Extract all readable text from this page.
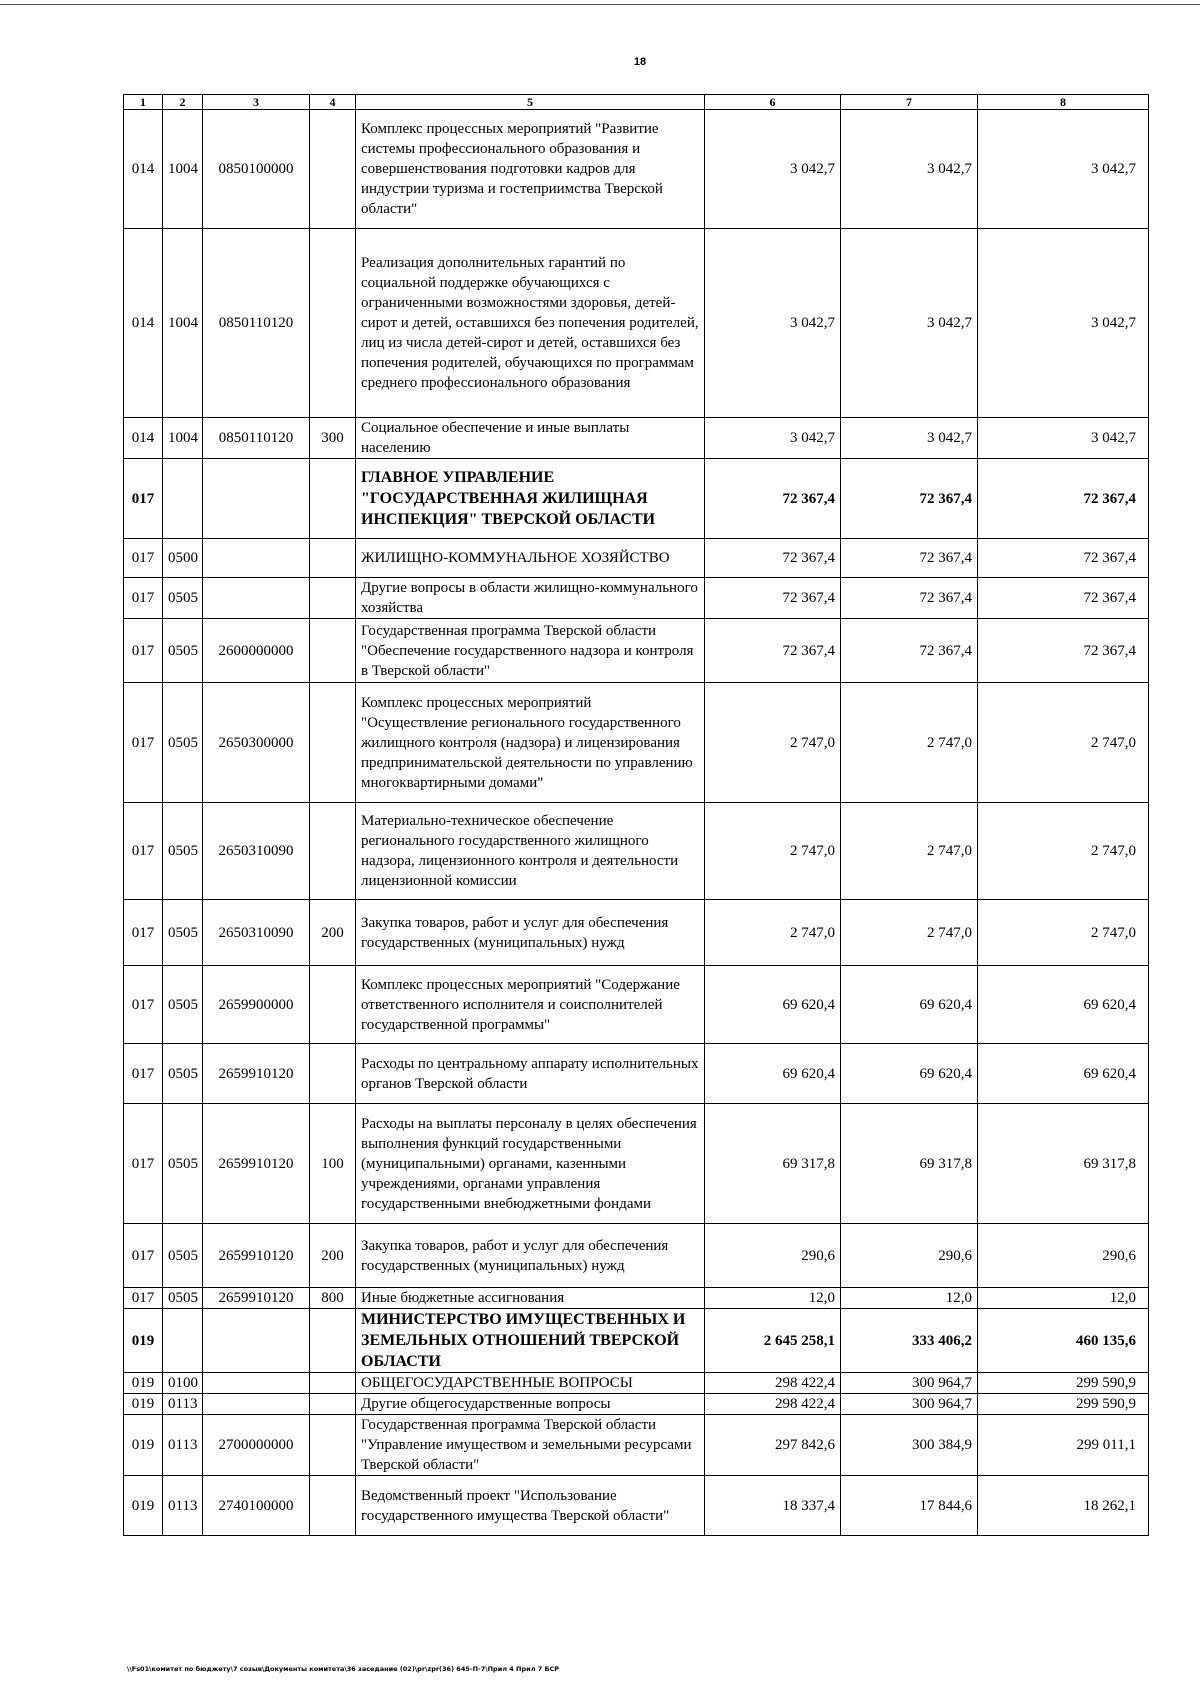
18
1	2	3	4	5	6	7	8
014	1004	0850100000		Комплекс процессных мероприятий "Развитие системы профессионального образования и совершенствования подготовки кадров для индустрии туризма и гостеприимства Тверской области"	3 042,7	3 042,7	3 042,7
014	1004	0850110120		Реализация дополнительных гарантий по социальной поддержке обучающихся с ограниченными возможностями здоровья, детей-сирот и детей, оставшихся без попечения родителей, лиц из числа детей-сирот и детей, оставшихся без попечения родителей, обучающихся по программам среднего профессионального образования	3 042,7	3 042,7	3 042,7
014	1004	0850110120	300	Социальное обеспечение и иные выплаты населению	3 042,7	3 042,7	3 042,7
017				ГЛАВНОЕ УПРАВЛЕНИЕ "ГОСУДАРСТВЕННАЯ ЖИЛИЩНАЯ ИНСПЕКЦИЯ" ТВЕРСКОЙ ОБЛАСТИ	72 367,4	72 367,4	72 367,4
017	0500			ЖИЛИЩНО-КОММУНАЛЬНОЕ ХОЗЯЙСТВО	72 367,4	72 367,4	72 367,4
017	0505			Другие вопросы в области жилищно-коммунального хозяйства	72 367,4	72 367,4	72 367,4
017	0505	2600000000		Государственная программа Тверской области "Обеспечение государственного надзора и контроля в Тверской области"	72 367,4	72 367,4	72 367,4
017	0505	2650300000		Комплекс процессных мероприятий "Осуществление регионального государственного жилищного контроля (надзора) и лицензирования предпринимательской деятельности по управлению многоквартирными домами"	2 747,0	2 747,0	2 747,0
017	0505	2650310090		Материально-техническое обеспечение регионального государственного жилищного надзора, лицензионного контроля и деятельности лицензионной комиссии	2 747,0	2 747,0	2 747,0
017	0505	2650310090	200	Закупка товаров, работ и услуг для обеспечения государственных (муниципальных) нужд	2 747,0	2 747,0	2 747,0
017	0505	2659900000		Комплекс процессных мероприятий "Содержание ответственного исполнителя и соисполнителей государственной программы"	69 620,4	69 620,4	69 620,4
017	0505	2659910120		Расходы по центральному аппарату исполнительных органов Тверской области	69 620,4	69 620,4	69 620,4
017	0505	2659910120	100	Расходы на выплаты персоналу в целях обеспечения выполнения функций государственными (муниципальными) органами, казенными учреждениями, органами управления государственными внебюджетными фондами	69 317,8	69 317,8	69 317,8
017	0505	2659910120	200	Закупка товаров, работ и услуг для обеспечения государственных (муниципальных) нужд	290,6	290,6	290,6
017	0505	2659910120	800	Иные бюджетные ассигнования	12,0	12,0	12,0
019				МИНИСТЕРСТВО ИМУЩЕСТВЕННЫХ И ЗЕМЕЛЬНЫХ ОТНОШЕНИЙ ТВЕРСКОЙ ОБЛАСТИ	2 645 258,1	333 406,2	460 135,6
019	0100			ОБЩЕГОСУДАРСТВЕННЫЕ ВОПРОСЫ	298 422,4	300 964,7	299 590,9
019	0113			Другие общегосударственные вопросы	298 422,4	300 964,7	299 590,9
019	0113	2700000000		Государственная программа Тверской области "Управление имуществом и земельными ресурсами Тверской области"	297 842,6	300 384,9	299 011,1
019	0113	2740100000		Ведомственный проект "Использование государственного имущества Тверской области"	18 337,4	17 844,6	18 262,1
\\Fs01\комитет по бюджету\7 созыв\Документы комитета\36 заседание (02)\pr\zpr(36) 645-П-7\Прил 4 Прил 7 БСР
